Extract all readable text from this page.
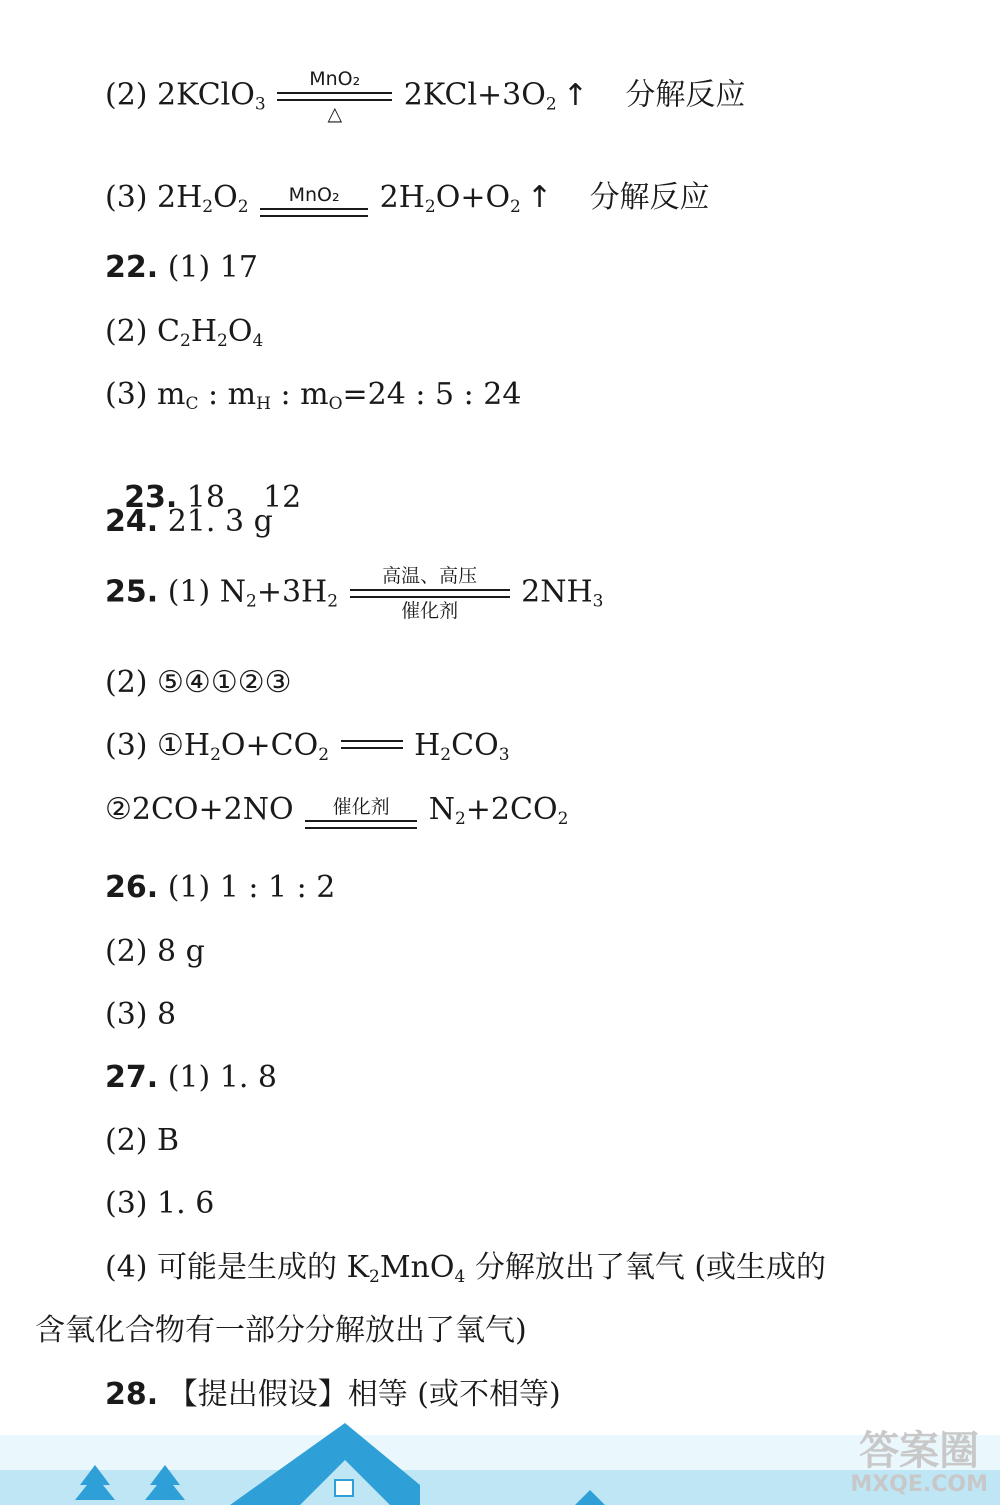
(2) 2KClO$_3$
MnO₂
△
$2KCl+3O_2$ ↑ 分解反应
(3) $2H_2O_2$
MnO₂	$2H_2O+O_2$ ↑ 分解反应
22. (1) 17
(2) $C_2H_2O_4$
(3) $m_C$ : $m_H$ : $m_O=24$ : 5 : 24

23. 18    12

24. 21. 3 g
25. (1) $N_2+3H_2$
高温、高压
催化剂
$2NH_3$
(2) ⑤④①②③
(3) $①H_2O+CO_2$	$H_2CO_3$
②2CO+2NO	催化剂	$N_2+2CO_2$
26. (1) 1 : 1 : 2
(2) 8 g
(3) 8
27. (1) 1. 8
(2) B
(3) 1. 6
(4) 可能是生成的 $K_2MnO_4$ 分解放出了氧气 (或生成的
含氧化合物有一部分分解放出了氧气)
28. 【提出假设】相等 (或不相等)
答案圈
MXQE.COM
